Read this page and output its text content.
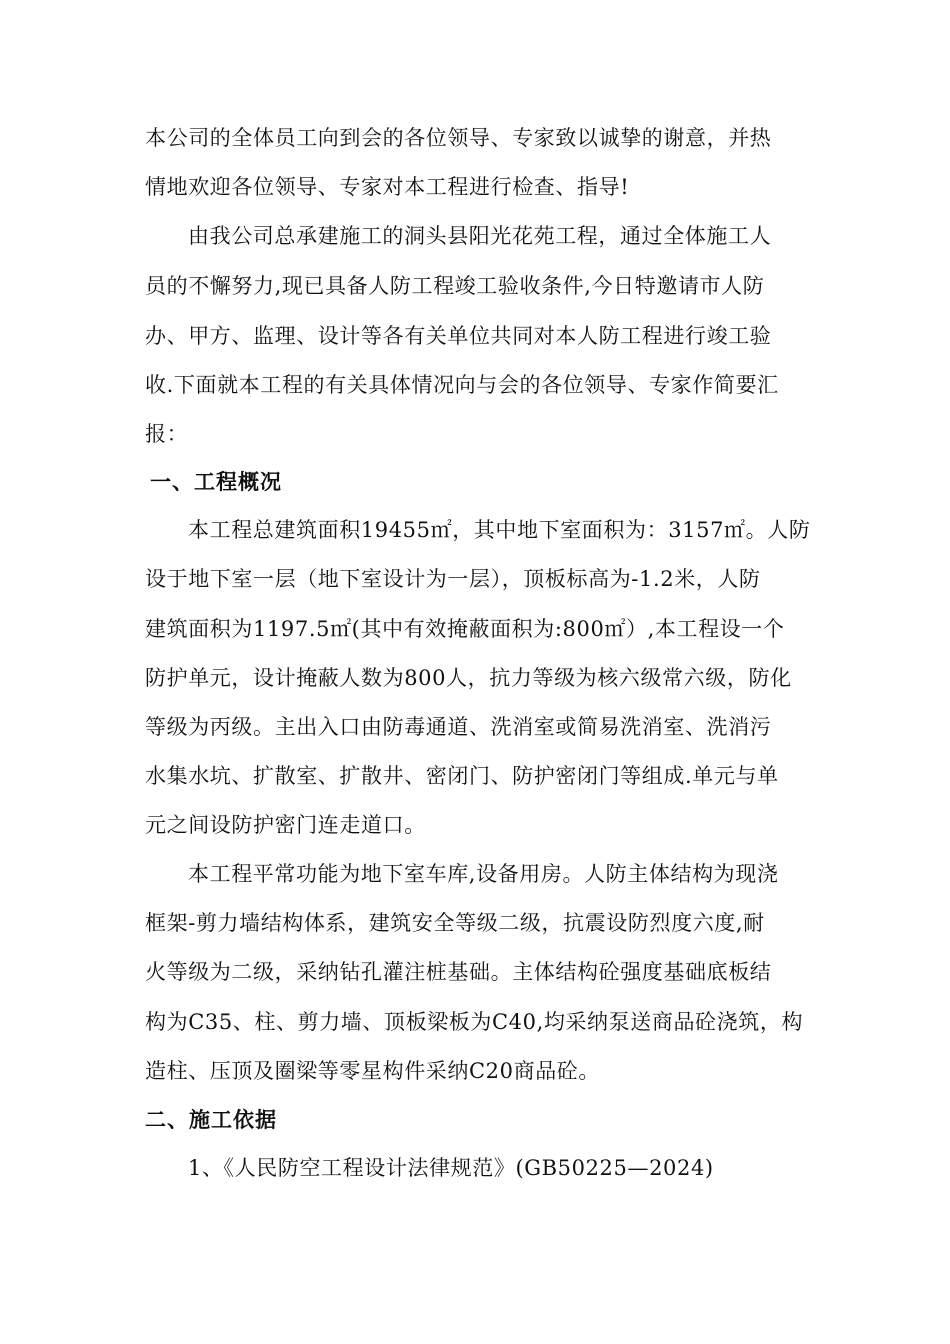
本公司的全体员工向到会的各位领导、专家致以诚挚的谢意，并热
情地欢迎各位领导、专家对本工程进行检查、指导!
由我公司总承建施工的洞头县阳光花苑工程，通过全体施工人
员的不懈努力,现已具备人防工程竣工验收条件,今日特邀请市人防
办、甲方、监理、设计等各有关单位共同对本人防工程进行竣工验
收.下面就本工程的有关具体情况向与会的各位领导、专家作简要汇
报：
一、工程概况
本工程总建筑面积19455㎡，其中地下室面积为：3157㎡。人防
设于地下室一层（地下室设计为一层），顶板标高为-1.2米，人防
建筑面积为1197.5㎡(其中有效掩蔽面积为:800㎡）,本工程设一个
防护单元，设计掩蔽人数为800人，抗力等级为核六级常六级，防化
等级为丙级。主出入口由防毒通道、洗消室或简易洗消室、洗消污
水集水坑、扩散室、扩散井、密闭门、防护密闭门等组成.单元与单
元之间设防护密门连走道口。
本工程平常功能为地下室车库,设备用房。人防主体结构为现浇
框架-剪力墙结构体系，建筑安全等级二级，抗震设防烈度六度,耐
火等级为二级，采纳钻孔灌注桩基础。主体结构砼强度基础底板结
构为C35、柱、剪力墙、顶板梁板为C40,均采纳泵送商品砼浇筑，构
造柱、压顶及圈梁等零星构件采纳C20商品砼。
二、施工依据
1、《人民防空工程设计法律规范》(GB50225—2024)
